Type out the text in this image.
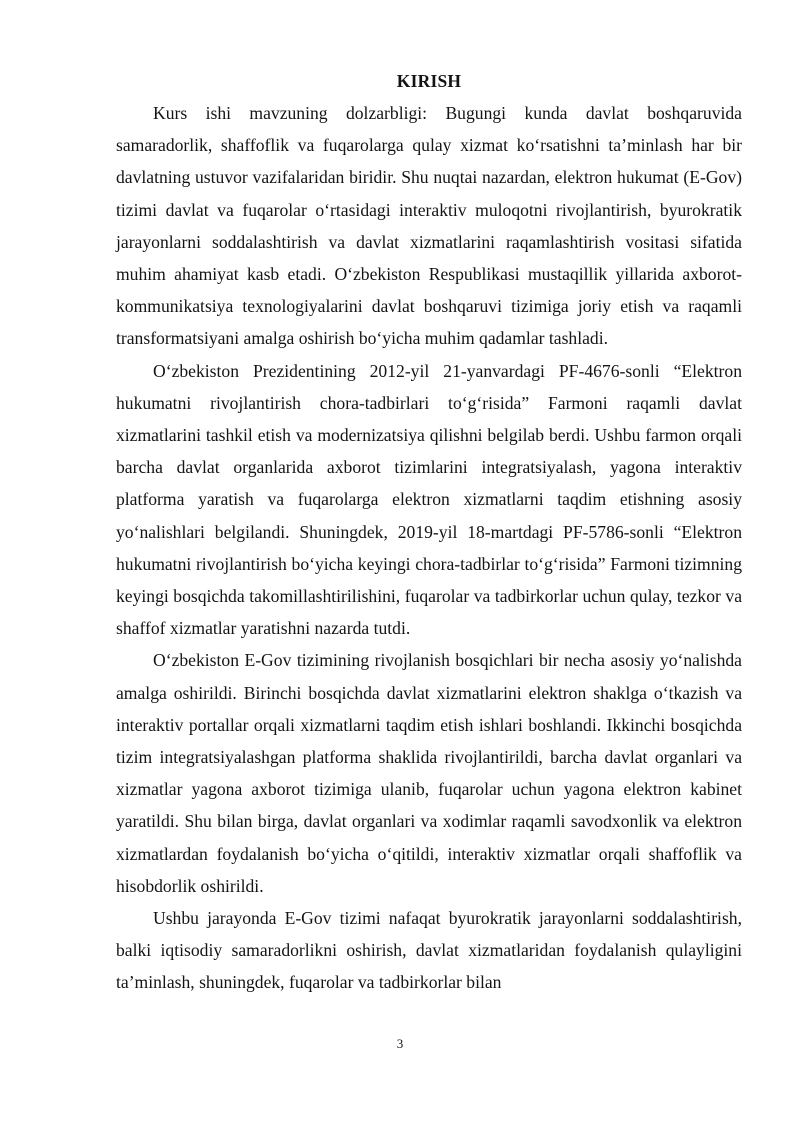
KIRISH

Kurs ishi mavzuning dolzarbligi: Bugungi kunda davlat boshqaruvida samaradorlik, shaffoflik va fuqarolarga qulay xizmat ko‘rsatishni ta’minlash har bir davlatning ustuvor vazifalaridan biridir. Shu nuqtai nazardan, elektron hukumat (E-Gov) tizimi davlat va fuqarolar o‘rtasidagi interaktiv muloqotni rivojlantirish, byurokratik jarayonlarni soddalashtirish va davlat xizmatlarini raqamlashtirish vositasi sifatida muhim ahamiyat kasb etadi. O‘zbekiston Respublikasi mustaqillik yillarida axborot-kommunikatsiya texnologiyalarini davlat boshqaruvi tizimiga joriy etish va raqamli transformatsiyani amalga oshirish bo‘yicha muhim qadamlar tashladi.

O‘zbekiston Prezidentining 2012-yil 21-yanvardagi PF-4676-sonli “Elektron hukumatni rivojlantirish chora-tadbirlari to‘g‘risida” Farmoni raqamli davlat xizmatlarini tashkil etish va modernizatsiya qilishni belgilab berdi. Ushbu farmon orqali barcha davlat organlarida axborot tizimlarini integratsiyalash, yagona interaktiv platforma yaratish va fuqarolarga elektron xizmatlarni taqdim etishning asosiy yo‘nalishlari belgilandi. Shuningdek, 2019-yil 18-martdagi PF-5786-sonli “Elektron hukumatni rivojlantirish bo‘yicha keyingi chora-tadbirlar to‘g‘risida” Farmoni tizimning keyingi bosqichda takomillashtirilishini, fuqarolar va tadbirkorlar uchun qulay, tezkor va shaffof xizmatlar yaratishni nazarda tutdi.

O‘zbekiston E-Gov tizimining rivojlanish bosqichlari bir necha asosiy yo‘nalishda amalga oshirildi. Birinchi bosqichda davlat xizmatlarini elektron shaklga o‘tkazish va interaktiv portallar orqali xizmatlarni taqdim etish ishlari boshlandi. Ikkinchi bosqichda tizim integratsiyalashgan platforma shaklida rivojlantirildi, barcha davlat organlari va xizmatlar yagona axborot tizimiga ulanib, fuqarolar uchun yagona elektron kabinet yaratildi. Shu bilan birga, davlat organlari va xodimlar raqamli savodxonlik va elektron xizmatlardan foydalanish bo‘yicha o‘qitildi, interaktiv xizmatlar orqali shaffoflik va hisobdorlik oshirildi.

Ushbu jarayonda E-Gov tizimi nafaqat byurokratik jarayonlarni soddalashtirish, balki iqtisodiy samaradorlikni oshirish, davlat xizmatlaridan foydalanish qulayligini ta’minlash, shuningdek, fuqarolar va tadbirkorlar bilan

3
